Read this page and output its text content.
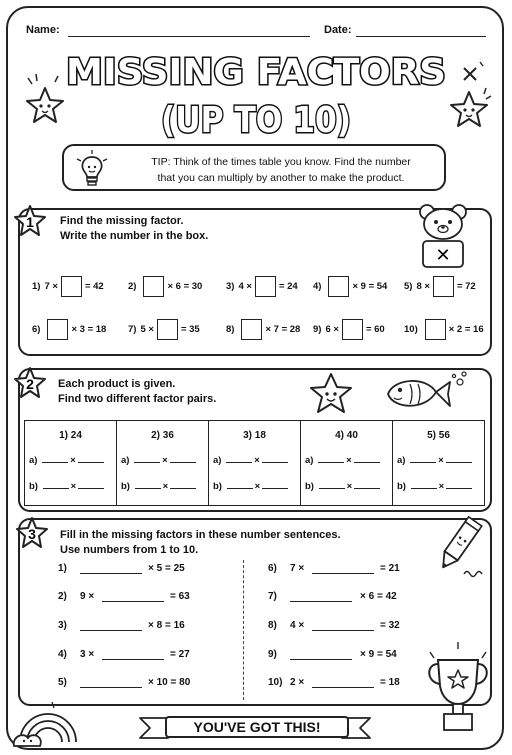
Name:	Date:
MISSING FACTORS
(UP TO 10)
TIP: Think of the times table you know. Find the number
that you can multiply by another to make the product.
1 Find the missing factor.
Write the number in the box.
✕
1) 7 ×	= 42	2)	× 6 = 30 3) 4 ×	= 24 4)	× 9 = 54 5) 8 ×	= 72
6)	× 3 = 18 7) 5 ×	= 35	8)	× 7 = 28 9) 6 ×	= 60 10)	× 2 = 16
2 Each product is given.
Find two different factor pairs.
1) 24
a)	×
b)	×
2) 36
a)	×
b)	×
3) 18
a)	×
b)	×
4) 40
a)	×
b)	×
5) 56
a)	×
b)	×
3 Fill in the missing factors in these number sentences.
Use numbers from 1 to 10.
1)	× 5 = 25
2) 9 ×	= 63
3)	× 8 = 16
4) 3 ×	= 27
5)	× 10 = 80
6) 7 ×	= 21
7)	× 6 = 42
8) 4 ×	= 32
9)	× 9 = 54
10) 2 ×	= 18
YOU'VE GOT THIS!
